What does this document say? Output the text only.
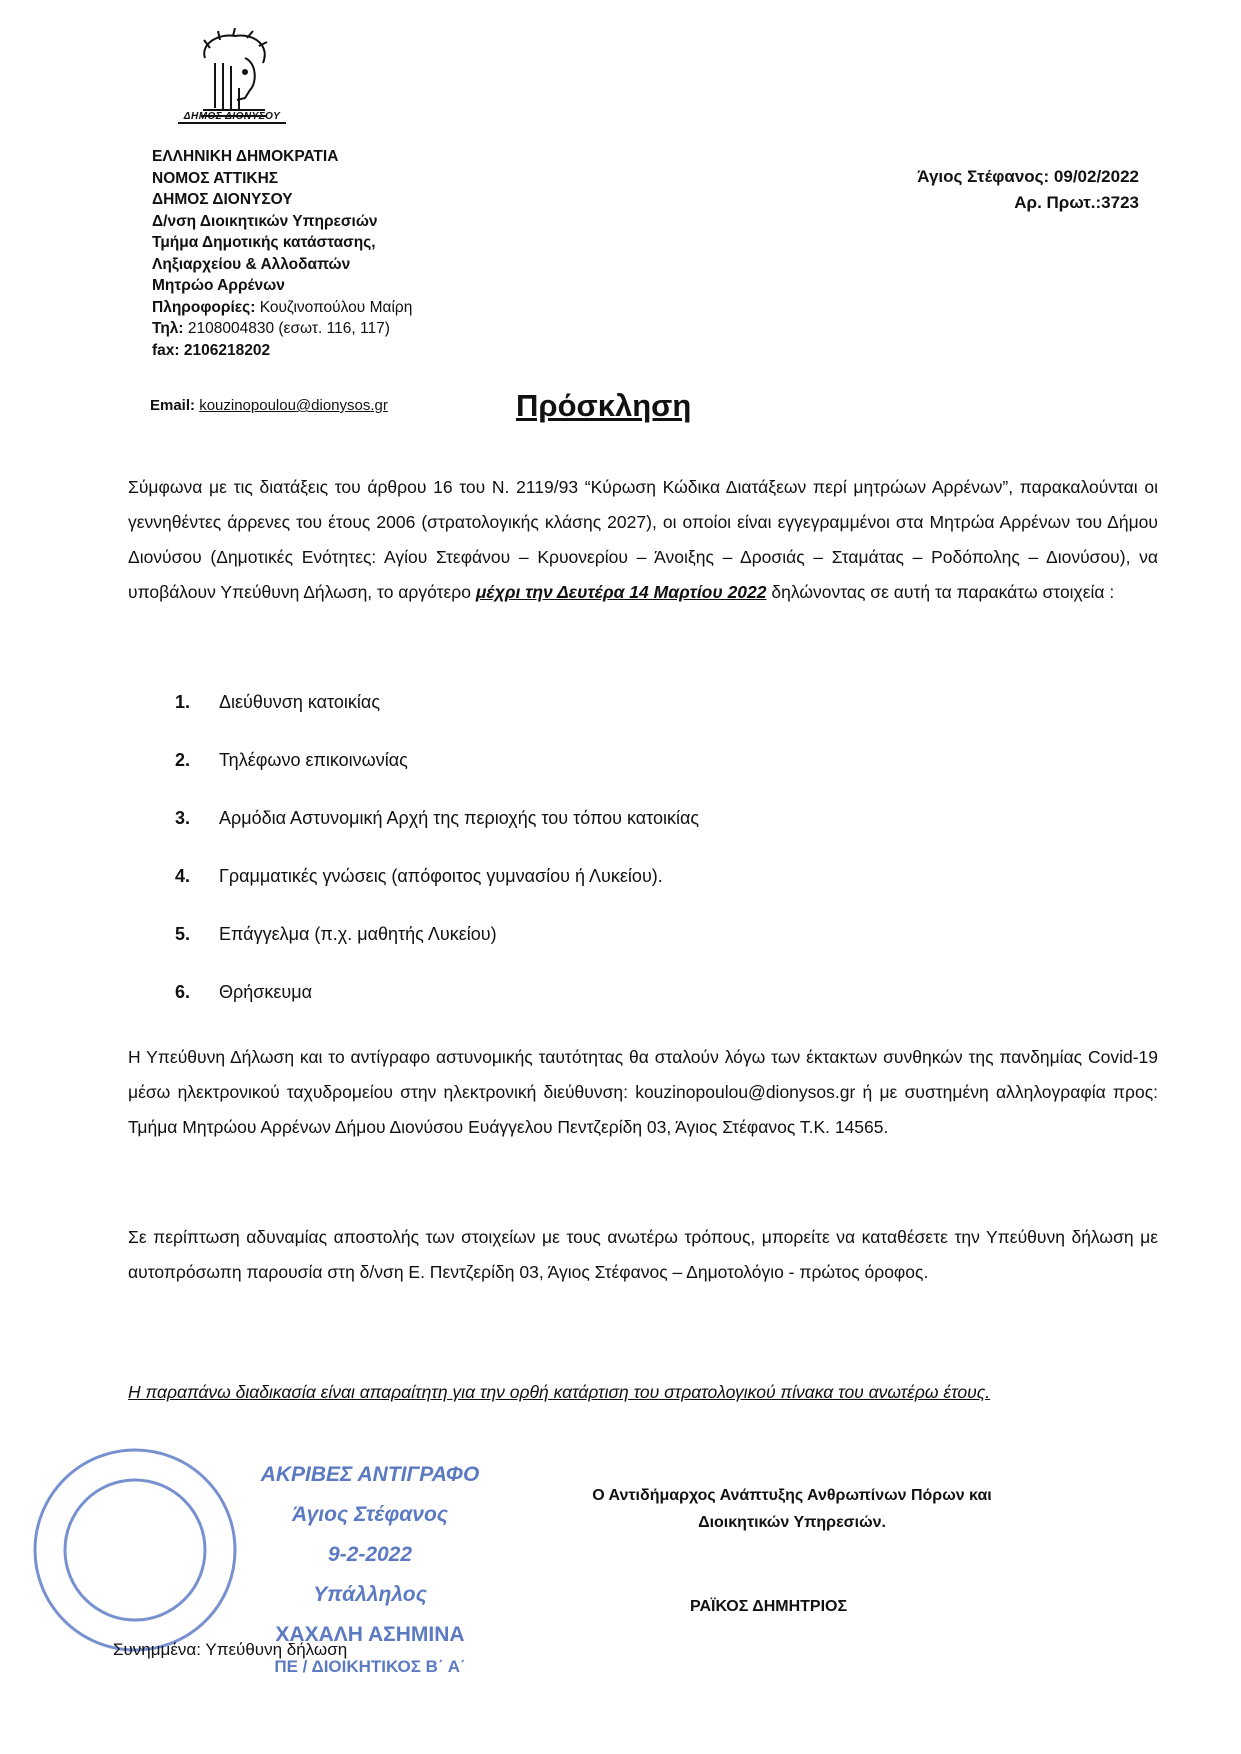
ΔΗΜΟΣ ΔΙΟΝΥΣΟΥ
ΕΛΛΗΝΙΚΗ ΔΗΜΟΚΡΑΤΙΑ
ΝΟΜΟΣ ΑΤΤΙΚΗΣ
ΔΗΜΟΣ ΔΙΟΝΥΣΟΥ
Δ/νση Διοικητικών Υπηρεσιών
Τμήμα Δημοτικής κατάστασης,
Ληξιαρχείου & Αλλοδαπών
Μητρώο Αρρένων
Πληροφορίες: Κουζινοπούλου Μαίρη
Τηλ: 2108004830 (εσωτ. 116, 117)
fax: 2106218202
Email: kouzinopoulou@dionysos.gr
Άγιος Στέφανος: 09/02/2022
Αρ. Πρωτ.:3723
Πρόσκληση
Σύμφωνα με τις διατάξεις του άρθρου 16 του Ν. 2119/93 “Κύρωση Κώδικα Διατάξεων περί μητρώων Αρρένων”, παρακαλούνται οι γεννηθέντες άρρενες του έτους 2006 (στρατολογικής κλάσης 2027), οι οποίοι είναι εγγεγραμμένοι στα Μητρώα Αρρένων του Δήμου Διονύσου (Δημοτικές Ενότητες: Αγίου Στεφάνου – Κρυονερίου – Άνοιξης – Δροσιάς – Σταμάτας – Ροδόπολης – Διονύσου), να υποβάλουν Υπεύθυνη Δήλωση, το αργότερο μέχρι την Δευτέρα 14 Μαρτίου 2022 δηλώνοντας σε αυτή τα παρακάτω στοιχεία :
1. Διεύθυνση κατοικίας
2. Τηλέφωνο επικοινωνίας
3. Αρμόδια Αστυνομική Αρχή της περιοχής του τόπου κατοικίας
4. Γραμματικές γνώσεις (απόφοιτος γυμνασίου ή Λυκείου).
5. Επάγγελμα (π.χ. μαθητής Λυκείου)
6. Θρήσκευμα
Η Υπεύθυνη Δήλωση και το αντίγραφο αστυνομικής ταυτότητας θα σταλούν λόγω των έκτακτων συνθηκών της πανδημίας Covid-19 μέσω ηλεκτρονικού ταχυδρομείου στην ηλεκτρονική διεύθυνση: kouzinopoulou@dionysos.gr ή με συστημένη αλληλογραφία προς: Τμήμα Μητρώου Αρρένων Δήμου Διονύσου Ευάγγελου Πεντζερίδη 03, Άγιος Στέφανος Τ.Κ. 14565.
Σε περίπτωση αδυναμίας αποστολής των στοιχείων με τους ανωτέρω τρόπους, μπορείτε να καταθέσετε την Υπεύθυνη δήλωση με αυτοπρόσωπη παρουσία στη δ/νση Ε. Πεντζερίδη 03, Άγιος Στέφανος – Δημοτολόγιο - πρώτος όροφος.
Η παραπάνω διαδικασία είναι απαραίτητη για την ορθή κατάρτιση του στρατολογικού πίνακα του ανωτέρω έτους.
ΑΚΡΙΒΕΣ ΑΝΤΙΓΡΑΦΟ
Άγιος Στέφανος
9-2-2022
Υπάλληλος
ΧΑΧΑΛΗ ΑΣΗΜΙΝΑ
ΠΕ / ΔΙΟΙΚΗΤΙΚΟΣ Β΄ Α΄
Ο Αντιδήμαρχος Ανάπτυξης Ανθρωπίνων Πόρων και
Διοικητικών Υπηρεσιών.
ΡΑΪΚΟΣ ΔΗΜΗΤΡΙΟΣ
Συνημμένα: Υπεύθυνη δήλωση
